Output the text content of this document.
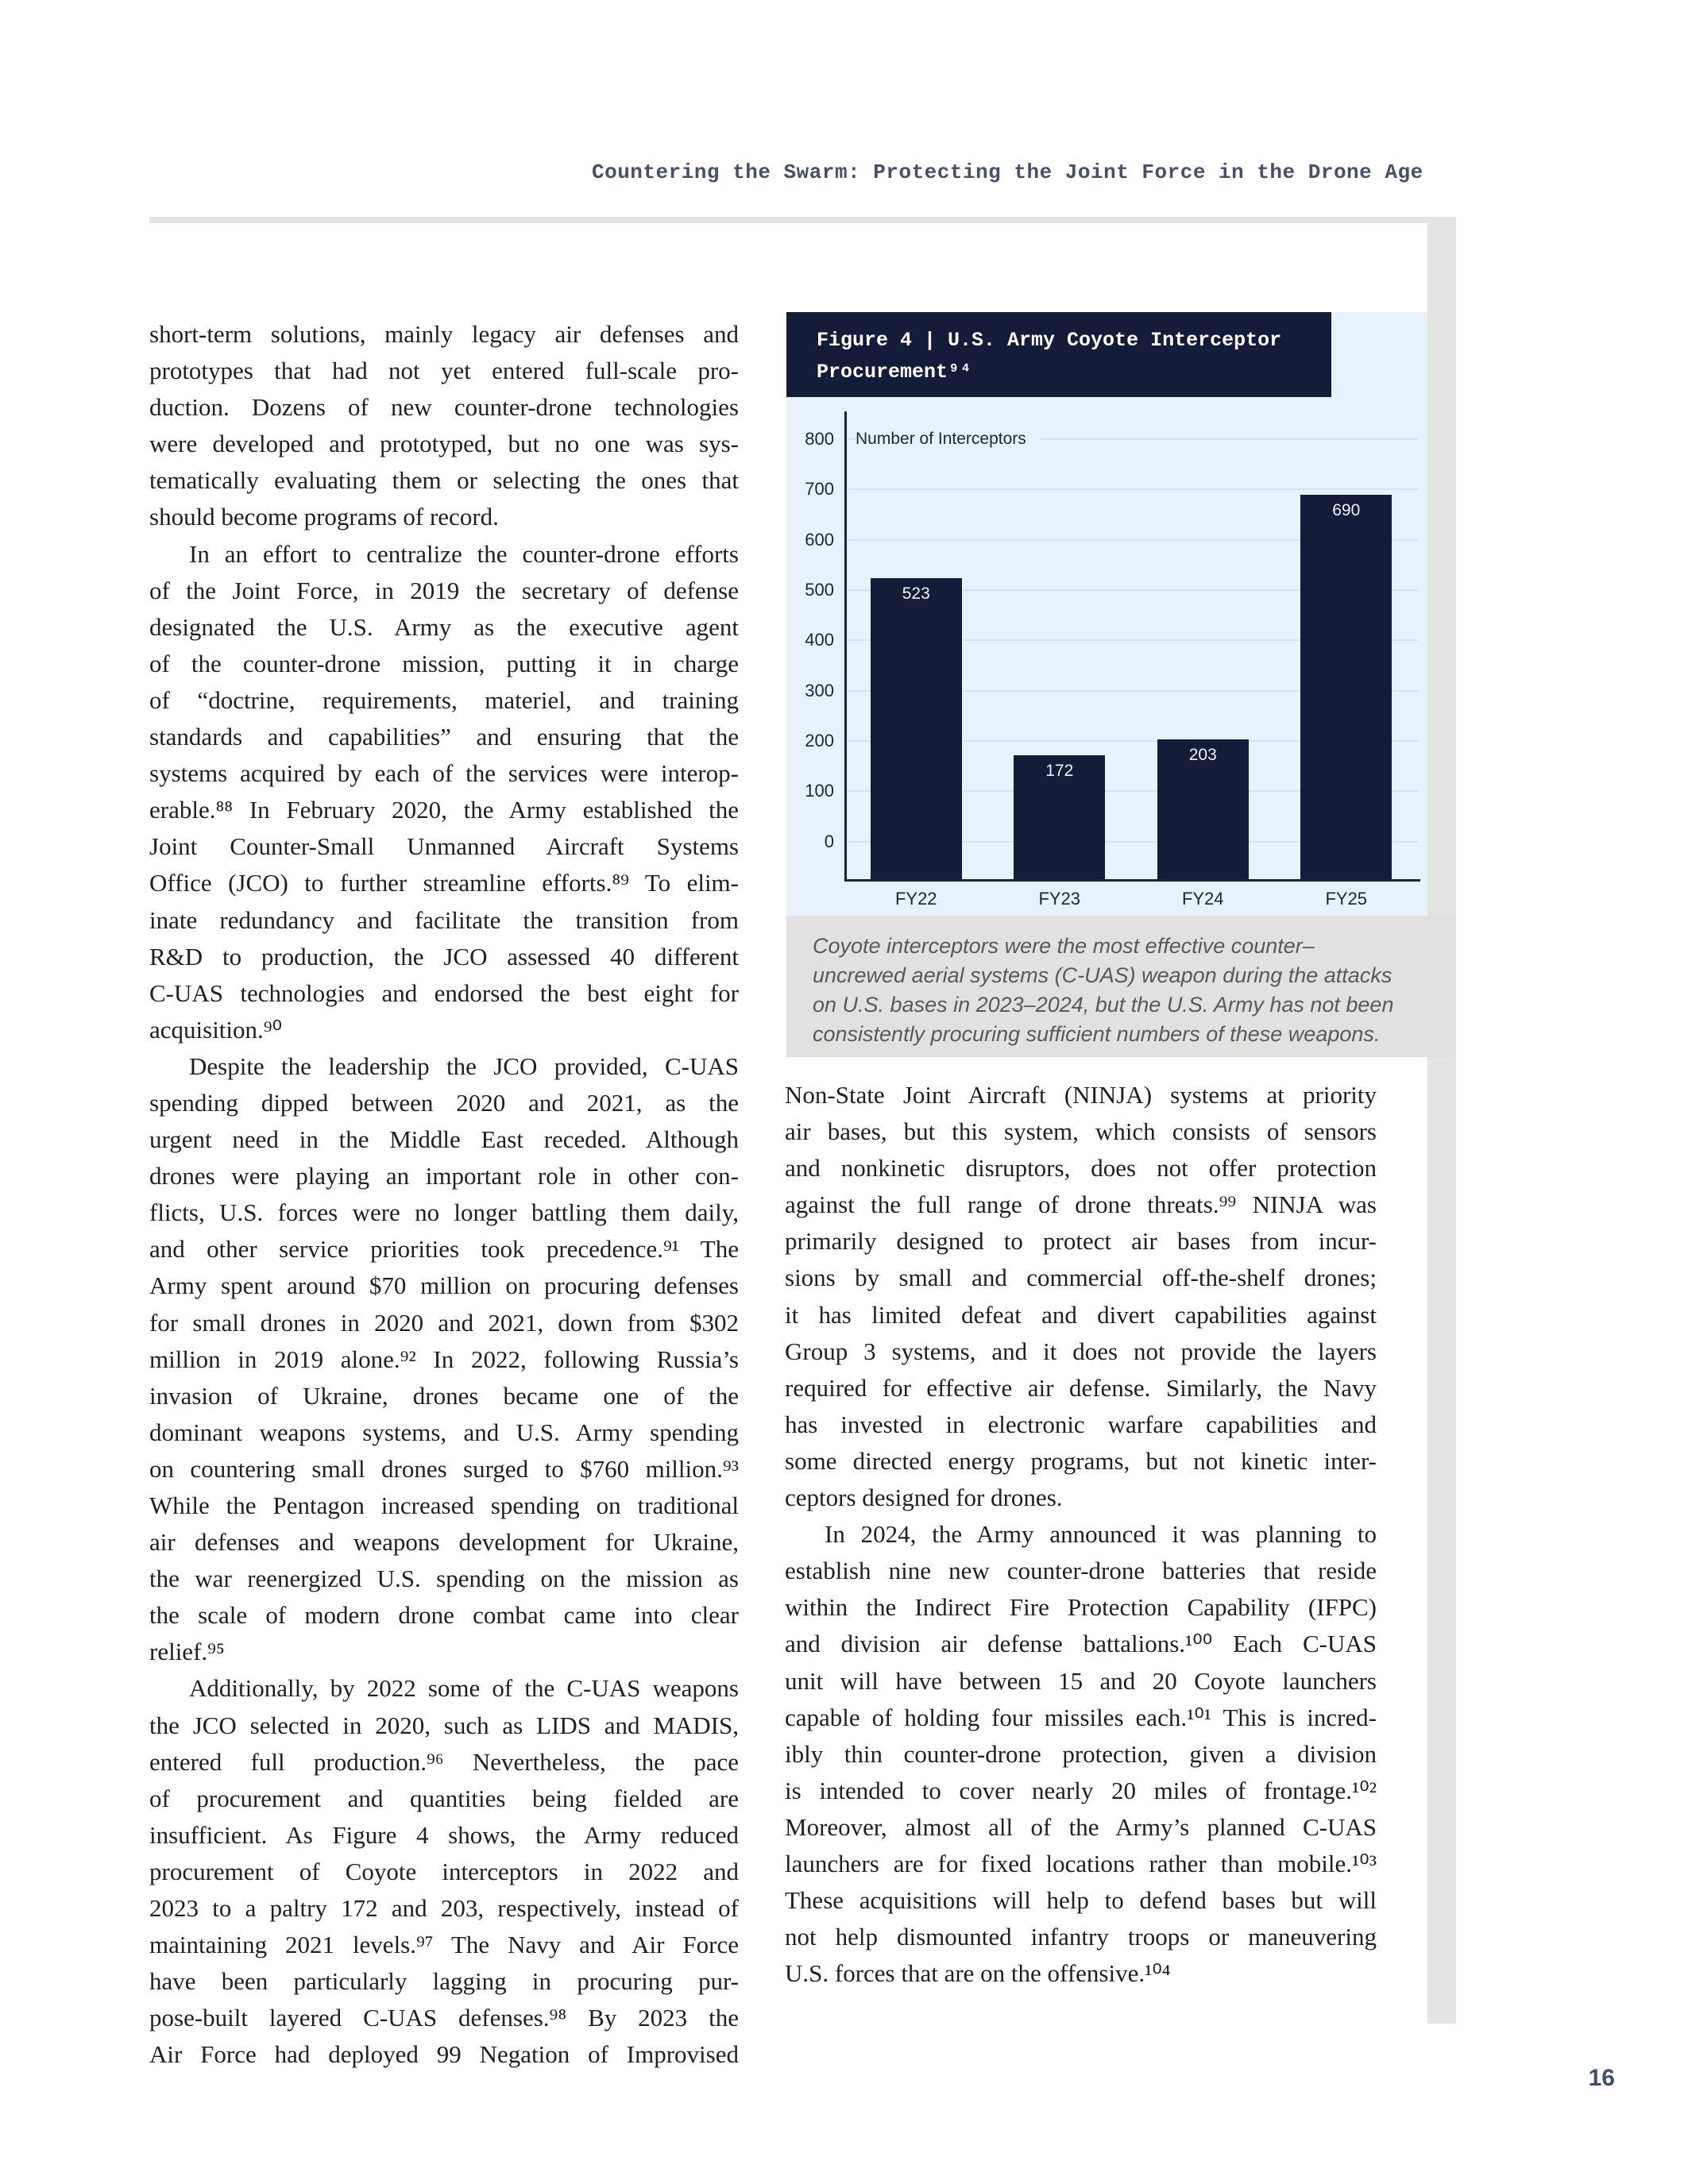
Countering the Swarm: Protecting the Joint Force in the Drone Age
short-term solutions, mainly legacy air defenses and
prototypes that had not yet entered full-scale pro-
duction. Dozens of new counter-drone technologies
were developed and prototyped, but no one was sys-
tematically evaluating them or selecting the ones that
should become programs of record.
In an effort to centralize the counter-drone efforts
of the Joint Force, in 2019 the secretary of defense
designated the U.S. Army as the executive agent
of the counter-drone mission, putting it in charge
of “doctrine, requirements, materiel, and training
standards and capabilities” and ensuring that the
systems acquired by each of the services were interop-
erable.⁸⁸ In February 2020, the Army established the
Joint Counter-Small Unmanned Aircraft Systems
Office (JCO) to further streamline efforts.⁸⁹ To elim-
inate redundancy and facilitate the transition from
R&D to production, the JCO assessed 40 different
C-UAS technologies and endorsed the best eight for
acquisition.⁹⁰
Despite the leadership the JCO provided, C-UAS
spending dipped between 2020 and 2021, as the
urgent need in the Middle East receded. Although
drones were playing an important role in other con-
flicts, U.S. forces were no longer battling them daily,
and other service priorities took precedence.⁹¹ The
Army spent around $70 million on procuring defenses
for small drones in 2020 and 2021, down from $302
million in 2019 alone.⁹² In 2022, following Russia’s
invasion of Ukraine, drones became one of the
dominant weapons systems, and U.S. Army spending
on countering small drones surged to $760 million.⁹³
While the Pentagon increased spending on traditional
air defenses and weapons development for Ukraine,
the war reenergized U.S. spending on the mission as
the scale of modern drone combat came into clear
relief.⁹⁵
Additionally, by 2022 some of the C-UAS weapons
the JCO selected in 2020, such as LIDS and MADIS,
entered full production.⁹⁶ Nevertheless, the pace
of procurement and quantities being fielded are
insufficient. As Figure 4 shows, the Army reduced
procurement of Coyote interceptors in 2022 and
2023 to a paltry 172 and 203, respectively, instead of
maintaining 2021 levels.⁹⁷ The Navy and Air Force
have been particularly lagging in procuring pur-
pose-built layered C-UAS defenses.⁹⁸ By 2023 the
Air Force had deployed 99 Negation of Improvised
Figure 4 | U.S. Army Coyote Interceptor
Procurement⁹⁴
0
100
200
300
400
500
600
700
800 Number of Interceptors
523
FY22
172
FY23
203
FY24
690
FY25
Coyote interceptors were the most effective counter–
uncrewed aerial systems (C-UAS) weapon during the attacks
on U.S. bases in 2023–2024, but the U.S. Army has not been
consistently procuring sufficient numbers of these weapons.
Non-State Joint Aircraft (NINJA) systems at priority
air bases, but this system, which consists of sensors
and nonkinetic disruptors, does not offer protection
against the full range of drone threats.⁹⁹ NINJA was
primarily designed to protect air bases from incur-
sions by small and commercial off-the-shelf drones;
it has limited defeat and divert capabilities against
Group 3 systems, and it does not provide the layers
required for effective air defense. Similarly, the Navy
has invested in electronic warfare capabilities and
some directed energy programs, but not kinetic inter-
ceptors designed for drones.
In 2024, the Army announced it was planning to
establish nine new counter-drone batteries that reside
within the Indirect Fire Protection Capability (IFPC)
and division air defense battalions.¹⁰⁰ Each C-UAS
unit will have between 15 and 20 Coyote launchers
capable of holding four missiles each.¹⁰¹ This is incred-
ibly thin counter-drone protection, given a division
is intended to cover nearly 20 miles of frontage.¹⁰²
Moreover, almost all of the Army’s planned C-UAS
launchers are for fixed locations rather than mobile.¹⁰³
These acquisitions will help to defend bases but will
not help dismounted infantry troops or maneuvering
U.S. forces that are on the offensive.¹⁰⁴
16
